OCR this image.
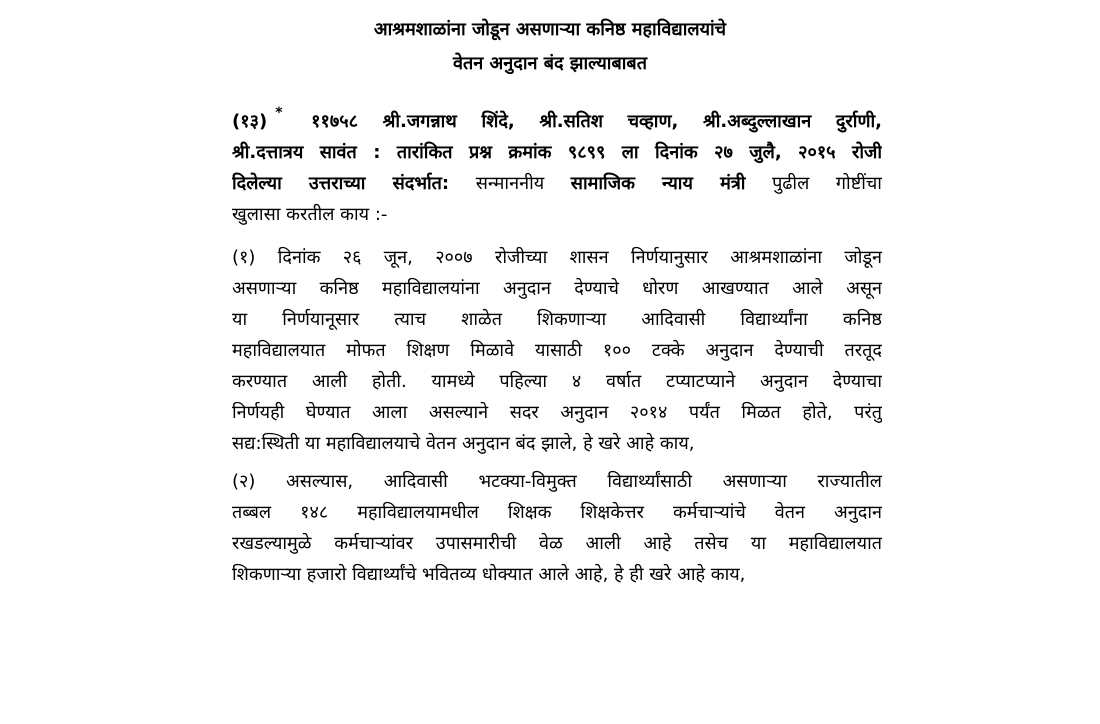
आश्रमशाळांना जोडून असणाऱ्या कनिष्ठ महाविद्यालयांचे
वेतन अनुदान बंद झाल्याबाबत
(१३) * ११७५८ श्री.जगन्नाथ शिंदे, श्री.सतिश चव्हाण, श्री.अब्दुल्लाखान दुर्राणी,
श्री.दत्तात्रय सावंत : तारांकित प्रश्न क्रमांक ९८९९ ला दिनांक २७ जुलै, २०१५ रोजी
दिलेल्या उत्तराच्या संदर्भात: सन्माननीय सामाजिक न्याय मंत्री पुढील गोष्टींचा
खुलासा करतील काय :-
(१) दिनांक २६ जून, २००७ रोजीच्या शासन निर्णयानुसार आश्रमशाळांना जोडून
असणाऱ्या कनिष्ठ महाविद्यालयांना अनुदान देण्याचे धोरण आखण्यात आले असून
या निर्णयानूसार त्याच शाळेत शिकणाऱ्या आदिवासी विद्यार्थ्यांना कनिष्ठ
महाविद्यालयात मोफत शिक्षण मिळावे यासाठी १०० टक्के अनुदान देण्याची तरतूद
करण्यात आली होती. यामध्ये पहिल्या ४ वर्षात टप्याटप्याने अनुदान देण्याचा
निर्णयही घेण्यात आला असल्याने सदर अनुदान २०१४ पर्यंत मिळत होते, परंतु
सद्य:स्थिती या महाविद्यालयाचे वेतन अनुदान बंद झाले, हे खरे आहे काय,
(२) असल्यास, आदिवासी भटक्या-विमुक्त विद्यार्थ्यांसाठी असणाऱ्या राज्यातील
तब्बल १४८ महाविद्यालयामधील शिक्षक शिक्षकेत्तर कर्मचाऱ्यांचे वेतन अनुदान
रखडल्यामुळे कर्मचाऱ्यांवर उपासमारीची वेळ आली आहे तसेच या महाविद्यालयात
शिकणाऱ्या हजारो विद्यार्थ्यांचे भवितव्य धोक्यात आले आहे, हे ही खरे आहे काय,
